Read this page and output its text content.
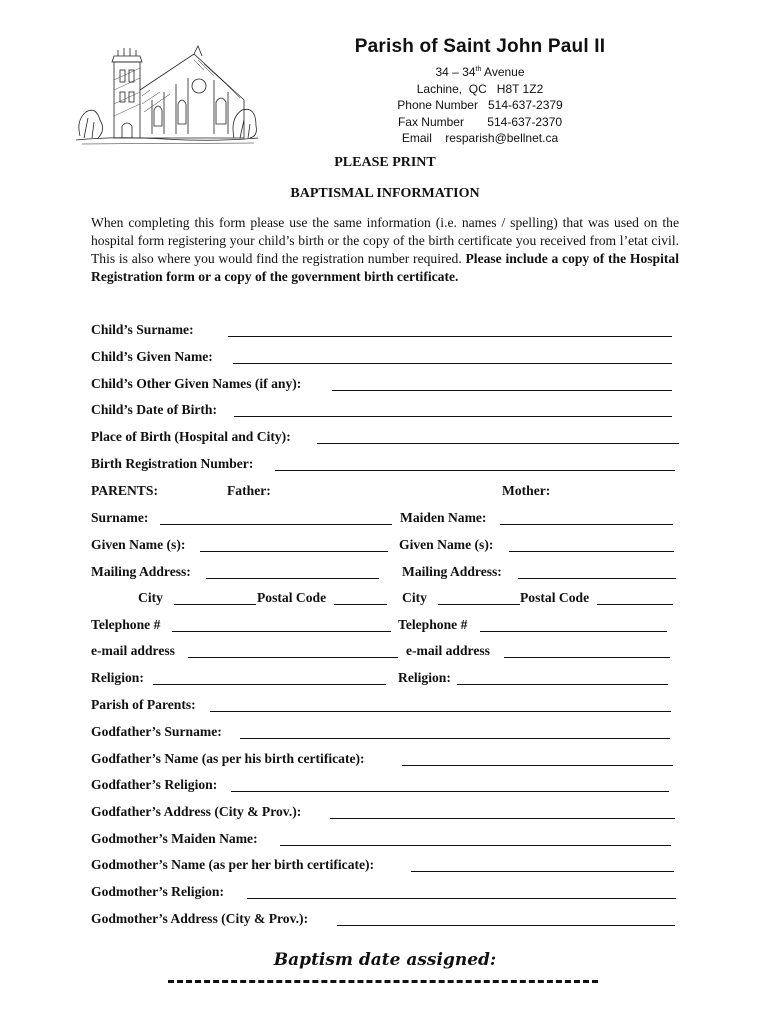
Parish of Saint John Paul II
34 – 34th Avenue
Lachine,  QC   H8T 1Z2
Phone Number   514-637-2379
Fax Number       514-637-2370
Email    resparish@bellnet.ca
PLEASE PRINT
BAPTISMAL INFORMATION
When completing this form please use the same information (i.e. names / spelling) that was used on the hospital form registering your child’s birth or the copy of the birth certificate you received from l’etat civil. This is also where you would find the registration number required. Please include a copy of the Hospital Registration form or a copy of the government birth certificate.
Child’s Surname:
Child’s Given Name:
Child’s Other Given Names (if any):
Child’s Date of Birth:
Place of Birth (Hospital and City):
Birth Registration Number:
PARENTS:	Father:	Mother:
Surname:	Maiden Name:
Given Name (s):	Given Name (s):
Mailing Address:	Mailing Address:
City	Postal Code	City	Postal Code
Telephone #	Telephone #
e-mail address	e-mail address
Religion:	Religion:
Parish of Parents:
Godfather’s Surname:
Godfather’s Name (as per his birth certificate):
Godfather’s Religion:
Godfather’s Address (City & Prov.):
Godmother’s Maiden Name:
Godmother’s Name (as per her birth certificate):
Godmother’s Religion:
Godmother’s Address (City & Prov.):
Baptism date assigned:
